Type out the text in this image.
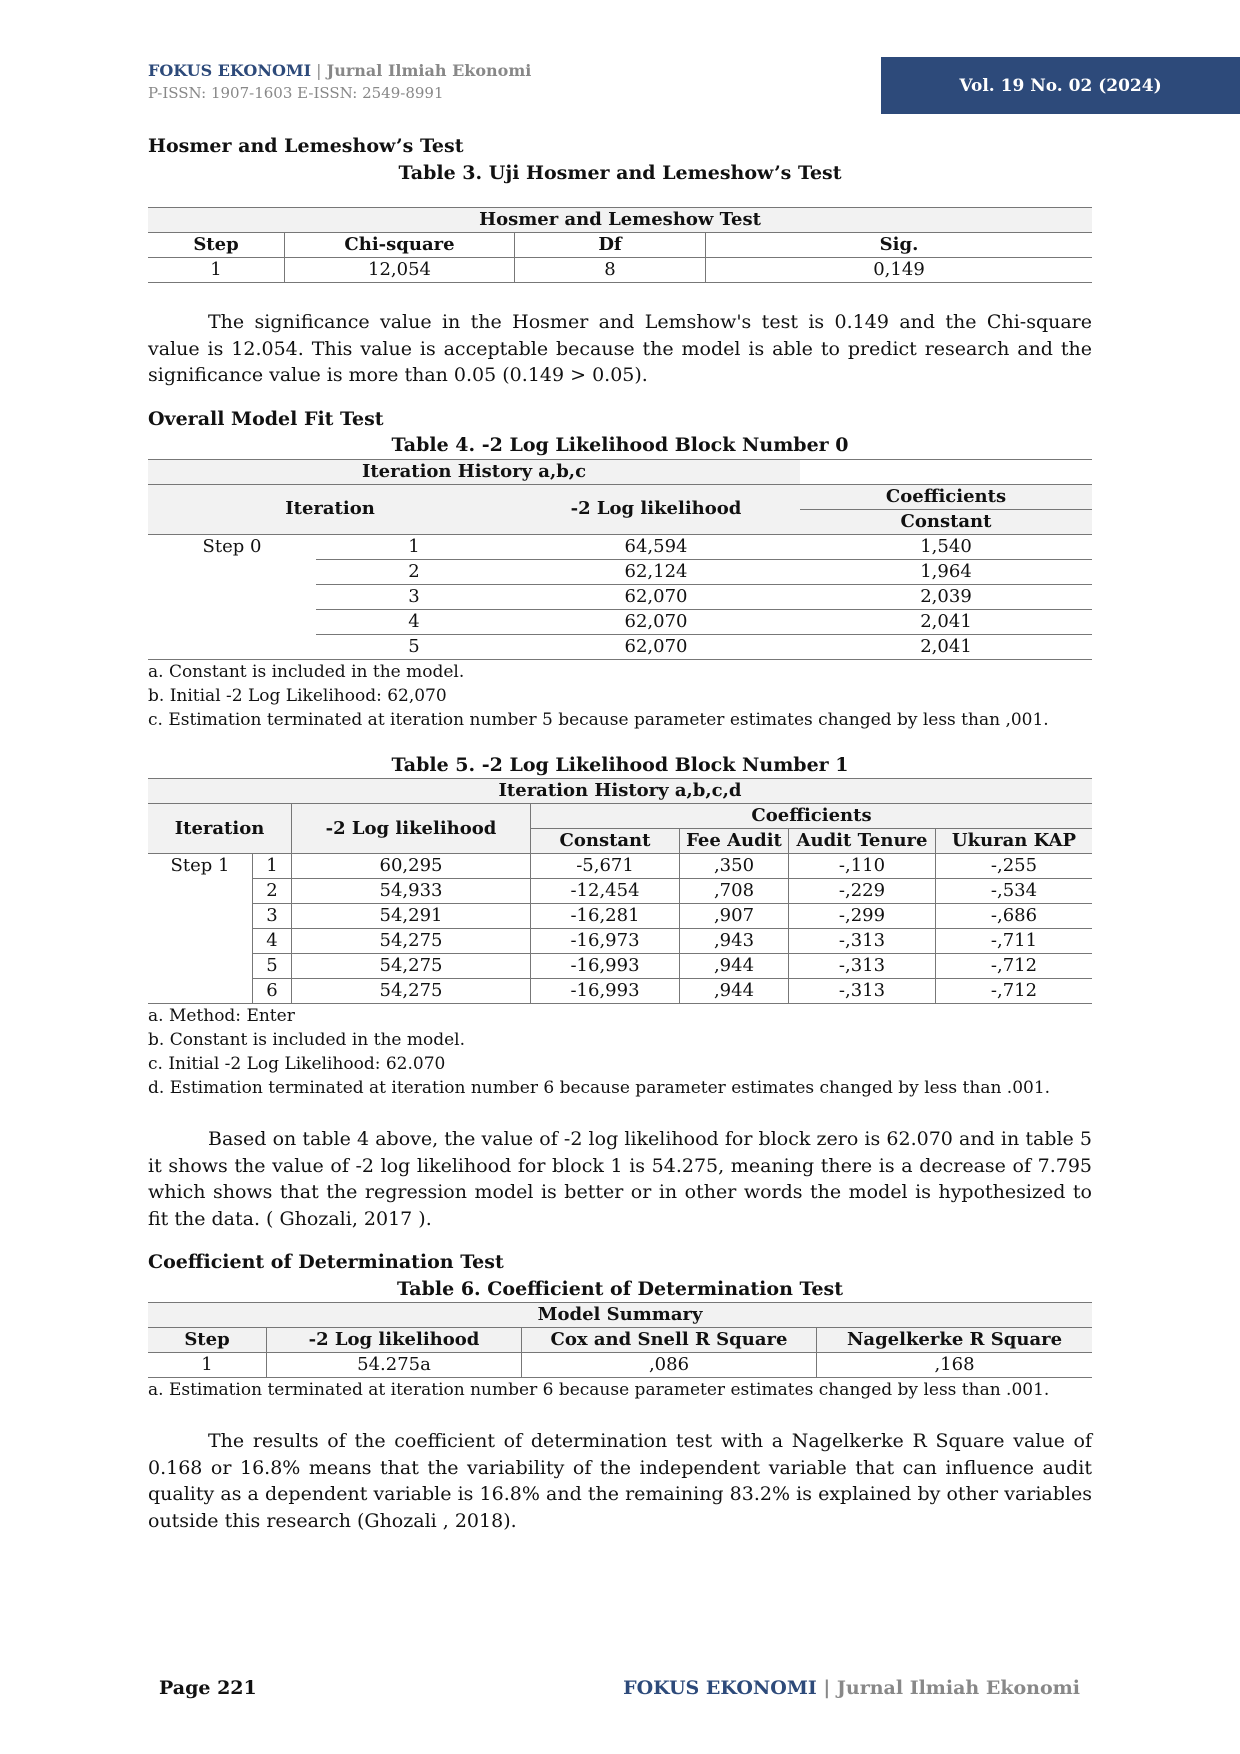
FOKUS EKONOMI | Jurnal Ilmiah Ekonomi
P-ISSN: 1907-1603 E-ISSN: 2549-8991	Vol. 19 No. 02 (2024)

Hosmer and Lemeshow’s Test

Table 3. Uji Hosmer and Lemeshow’s Test

Hosmer and Lemeshow Test			
Step	Chi-square	Df	Sig.
1	12,054	8	0,149

The significance value in the Hosmer and Lemshow's test is 0.149 and the Chi-square value is 12.054. This value is acceptable because the model is able to predict research and the significance value is more than 0.05 (0.149 > 0.05).

Overall Model Fit Test

Table 4. -2 Log Likelihood Block Number 0

Iteration History a,b,c			
Iteration		-2 Log likelihood	Coefficients
			Constant
Step 0	1	64,594	1,540
	2	62,124	1,964
	3	62,070	2,039
	4	62,070	2,041
	5	62,070	2,041
a. Constant is included in the model.
b. Initial -2 Log Likelihood: 62,070
c. Estimation terminated at iteration number 5 because parameter estimates changed by less than ,001.

Table 5. -2 Log Likelihood Block Number 1

Iteration History a,b,c,d						
Iteration		-2 Log likelihood	Coefficients			
			Constant	Fee Audit	Audit Tenure	Ukuran KAP
Step 1	1	60,295	-5,671	,350	-,110	-,255
	2	54,933	-12,454	,708	-,229	-,534
	3	54,291	-16,281	,907	-,299	-,686
	4	54,275	-16,973	,943	-,313	-,711
	5	54,275	-16,993	,944	-,313	-,712
	6	54,275	-16,993	,944	-,313	-,712
a. Method: Enter
b. Constant is included in the model.
c. Initial -2 Log Likelihood: 62.070
d. Estimation terminated at iteration number 6 because parameter estimates changed by less than .001.

Based on table 4 above, the value of -2 log likelihood for block zero is 62.070 and in table 5 it shows the value of -2 log likelihood for block 1 is 54.275, meaning there is a decrease of 7.795 which shows that the regression model is better or in other words the model is hypothesized to fit the data. ( Ghozali, 2017 ).

Coefficient of Determination Test

Table 6. Coefficient of Determination Test

Model Summary			
Step	-2 Log likelihood	Cox and Snell R Square	Nagelkerke R Square
1	54.275a	,086	,168
a. Estimation terminated at iteration number 6 because parameter estimates changed by less than .001.

The results of the coefficient of determination test with a Nagelkerke R Square value of 0.168 or 16.8% means that the variability of the independent variable that can influence audit quality as a dependent variable is 16.8% and the remaining 83.2% is explained by other variables outside this research (Ghozali , 2018).

Page 221	FOKUS EKONOMI | Jurnal Ilmiah Ekonomi
